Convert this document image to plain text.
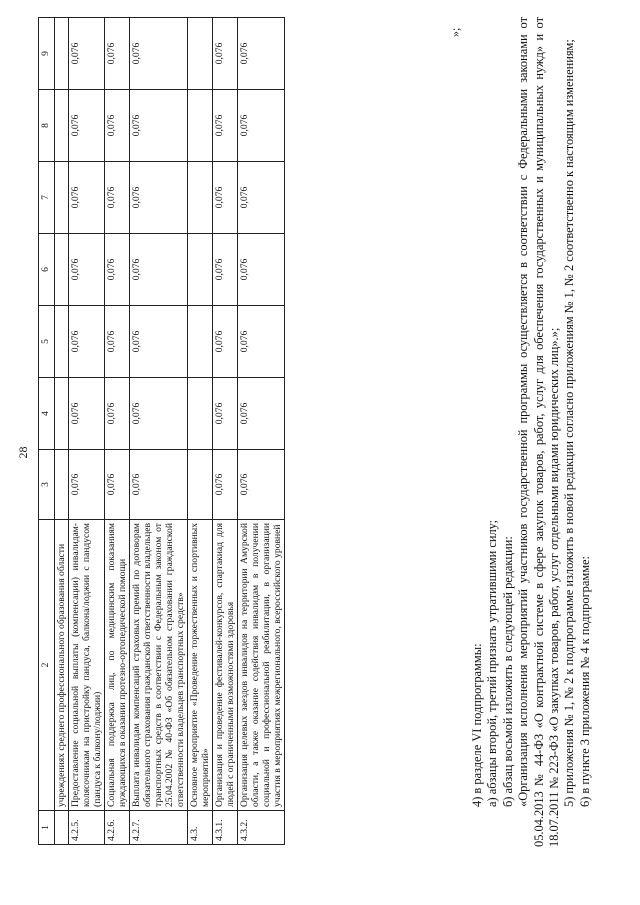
28
1	2	3	4	5	6	7	8	9
	учреждениях среднего профессионального образования области							
4.2.5.	Предоставление социальной выплаты (компенсации) инвалидам-колясочникам на пристройку пандуса, балкона/лоджии с пандусом (пандуса к балкону/лоджии)	0,076	0,076	0,076	0,076	0,076	0,076	0,076
4.2.6.	Социальная поддержка лиц, по медицинским показаниям нуждающихся в оказании протезно-ортопедической помощи	0,076	0,076	0,076	0,076	0,076	0,076	0,076
4.2.7.	Выплата инвалидам компенсаций страховых премий по договорам обязательного страхования гражданской ответственности владельцев транспортных средств в соответствии с Федеральным законом от 25.04.2002 № 40-ФЗ «Об обязательном страховании гражданской ответственности владельцев транспортных средств»	0,076	0,076	0,076	0,076	0,076	0,076	0,076
4.3.	Основное мероприятие «Проведение торжественных и спортивных мероприятий»							
4.3.1.	Организация и проведение фестивалей-конкурсов, спартакиад для людей с ограниченными возможностями здоровья	0,076	0,076	0,076	0,076	0,076	0,076	0,076
4.3.2.	Организация целевых заездов инвалидов на территории Амурской области, а также оказание содействия инвалидам в получении социальной и профессиональной реабилитации, в организации участия в мероприятиях межрегионального, всероссийского уровней	0,076	0,076	0,076	0,076	0,076	0,076	0,076
»;

4) в разделе VI подпрограммы: а) абзацы второй, третий признать утратившими силу; б) абзац восьмой изложить в следующей редакции: «Организация исполнения мероприятий участников государственной программы осуществляется в соответствии с Федеральными законами от 05.04.2013 № 44-ФЗ «О контрактной системе в сфере закупок товаров, работ, услуг для обеспечения государственных и муниципальных нужд» и от 18.07.2011 № 223-ФЗ «О закупках товаров, работ, услуг отдельными видами юридических лиц».»; 5) приложения № 1, № 2 к подпрограмме изложить в новой редакции согласно приложениям № 1, № 2 соответственно к настоящим изменениям; 6) в пункте 3 приложения № 4 к подпрограмме:
